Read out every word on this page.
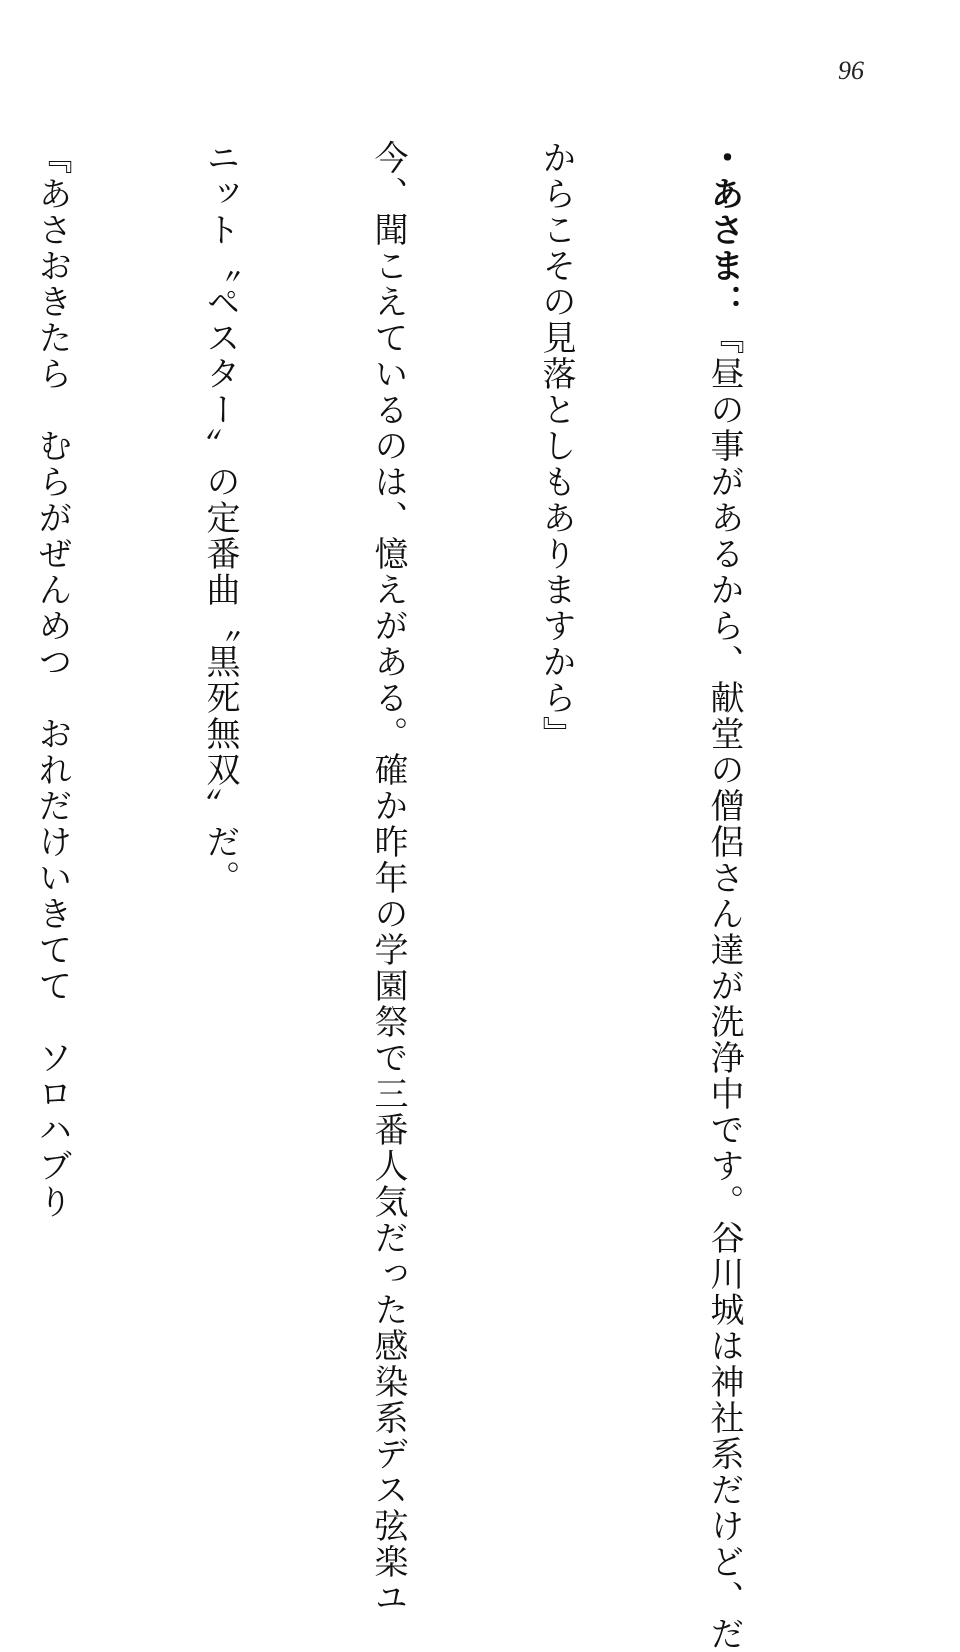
96

・あさま：『昼の事があるから、献堂の僧侶さん達が洗浄中です。谷川城は神社系だけど、だ

からこその見落としもありますから』

今、聞こえているのは、憶えがある。確か昨年の学園祭で三番人気だった感染系デス弦楽ユ

ニット〝ペスター〟の定番曲〝黒死無双〟だ。

『あさおきたら　むらがぜんめつ　おれだけいきてて　ソロハブり
